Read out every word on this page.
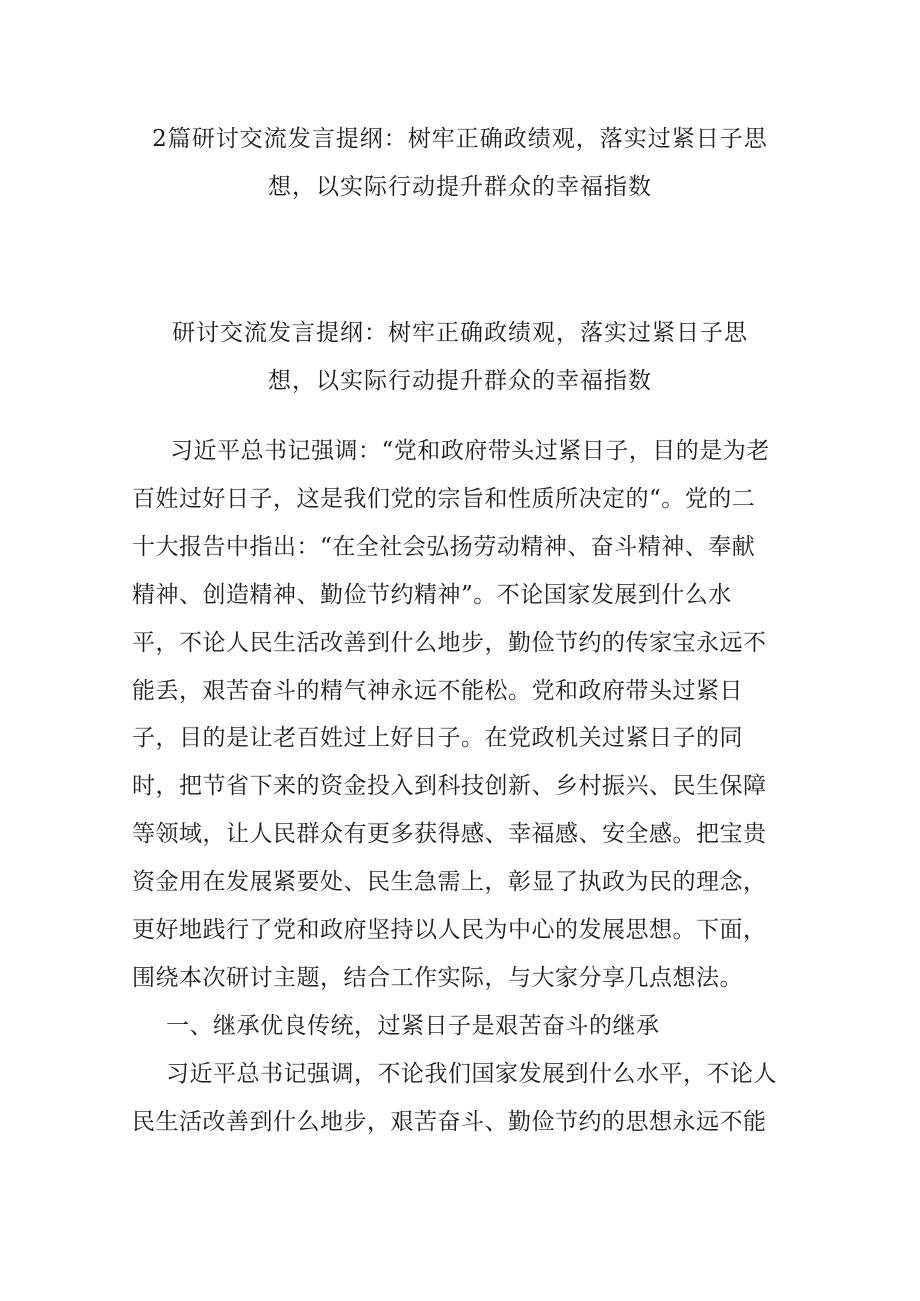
2篇研讨交流发言提纲：树牢正确政绩观，落实过紧日子思
想，以实际行动提升群众的幸福指数
研讨交流发言提纲：树牢正确政绩观，落实过紧日子思
想，以实际行动提升群众的幸福指数
习近平总书记强调：“党和政府带头过紧日子，目的是为老
百姓过好日子，这是我们党的宗旨和性质所决定的“。党的二
十大报告中指出：“在全社会弘扬劳动精神、奋斗精神、奉献
精神、创造精神、勤俭节约精神”。不论国家发展到什么水
平，不论人民生活改善到什么地步，勤俭节约的传家宝永远不
能丢，艰苦奋斗的精气神永远不能松。党和政府带头过紧日
子，目的是让老百姓过上好日子。在党政机关过紧日子的同
时，把节省下来的资金投入到科技创新、乡村振兴、民生保障
等领域，让人民群众有更多获得感、幸福感、安全感。把宝贵
资金用在发展紧要处、民生急需上，彰显了执政为民的理念，
更好地践行了党和政府坚持以人民为中心的发展思想。下面，
围绕本次研讨主题，结合工作实际，与大家分享几点想法。
一、继承优良传统，过紧日子是艰苦奋斗的继承
习近平总书记强调，不论我们国家发展到什么水平，不论人
民生活改善到什么地步，艰苦奋斗、勤俭节约的思想永远不能
